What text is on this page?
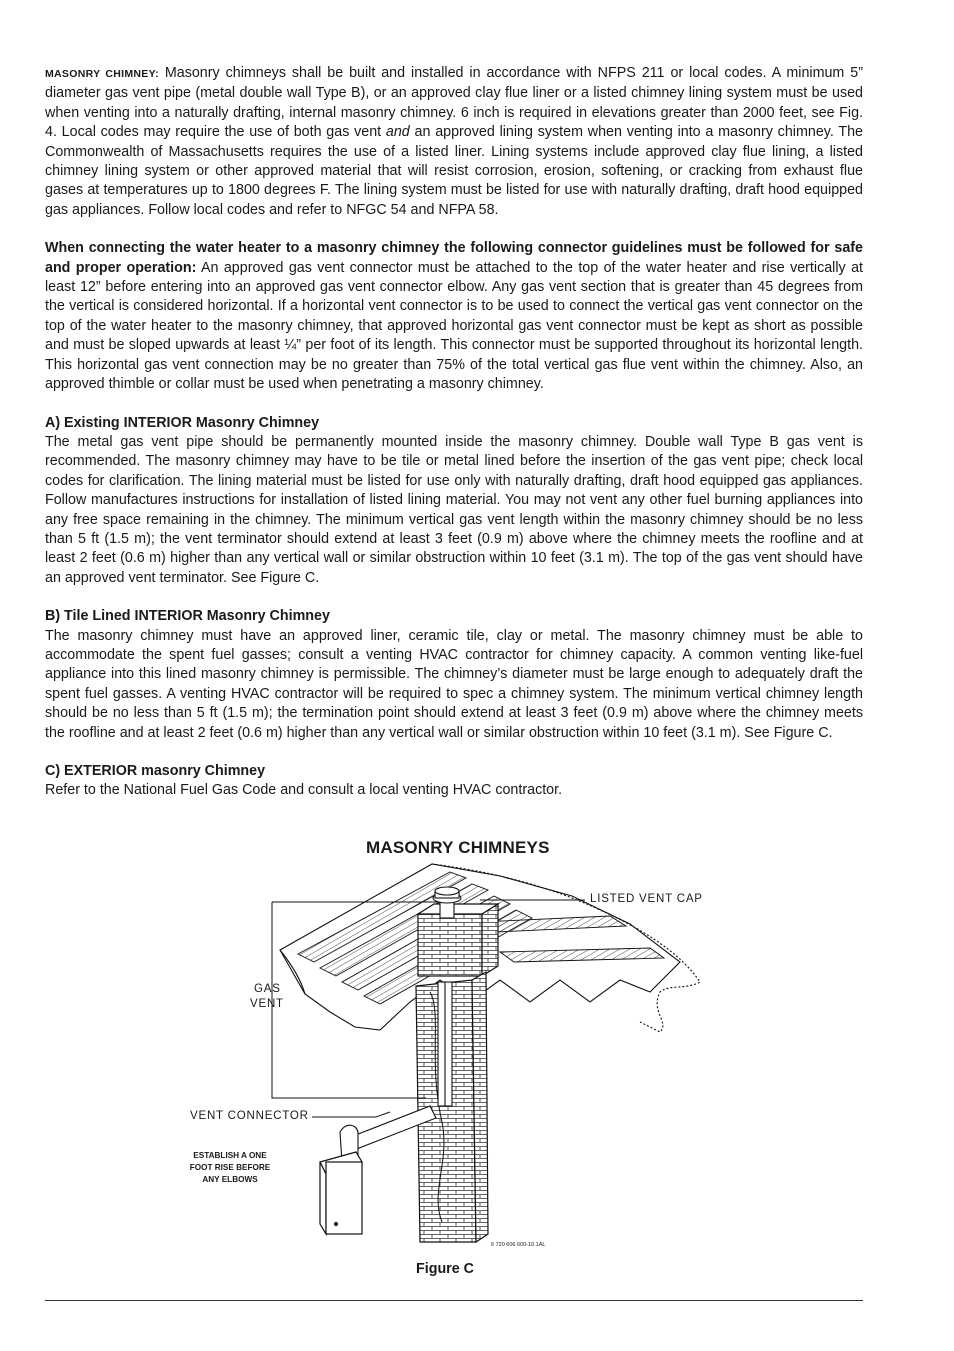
MASONRY CHIMNEY: Masonry chimneys shall be built and installed in accordance with NFPS 211 or local codes. A minimum 5” diameter gas vent pipe (metal double wall Type B), or an approved clay flue liner or a listed chimney lining system must be used when venting into a naturally drafting, internal masonry chimney. 6 inch is required in elevations greater than 2000 feet, see Fig. 4. Local codes may require the use of both gas vent and an approved lining system when venting into a masonry chimney. The Commonwealth of Massachusetts requires the use of a listed liner. Lining systems include approved clay flue lining, a listed chimney lining system or other approved material that will resist corrosion, erosion, softening, or cracking from exhaust flue gases at temperatures up to 1800 degrees F. The lining system must be listed for use with naturally drafting, draft hood equipped gas appliances. Follow local codes and refer to NFGC 54 and NFPA 58.

When connecting the water heater to a masonry chimney the following connector guidelines must be followed for safe and proper operation: An approved gas vent connector must be attached to the top of the water heater and rise vertically at least 12” before entering into an approved gas vent connector elbow. Any gas vent section that is greater than 45 degrees from the vertical is considered horizontal. If a horizontal vent connector is to be used to connect the vertical gas vent connector on the top of the water heater to the masonry chimney, that approved horizontal gas vent connector must be kept as short as possible and must be sloped upwards at least ¼” per foot of its length. This connector must be supported throughout its horizontal length. This horizontal gas vent connection may be no greater than 75% of the total vertical gas flue vent within the chimney. Also, an approved thimble or collar must be used when penetrating a masonry chimney.

A) Existing INTERIOR Masonry Chimney

The metal gas vent pipe should be permanently mounted inside the masonry chimney. Double wall Type B gas vent is recommended. The masonry chimney may have to be tile or metal lined before the insertion of the gas vent pipe; check local codes for clarification. The lining material must be listed for use only with naturally drafting, draft hood equipped gas appliances. Follow manufactures instructions for installation of listed lining material. You may not vent any other fuel burning appliances into any free space remaining in the chimney. The minimum vertical gas vent length within the masonry chimney should be no less than 5 ft (1.5 m); the vent terminator should extend at least 3 feet (0.9 m) above where the chimney meets the roofline and at least 2 feet (0.6 m) higher than any vertical wall or similar obstruction within 10 feet (3.1 m). The top of the gas vent should have an approved vent terminator. See Figure C.

B) Tile Lined INTERIOR Masonry Chimney

The masonry chimney must have an approved liner, ceramic tile, clay or metal. The masonry chimney must be able to accommodate the spent fuel gasses; consult a venting HVAC contractor for chimney capacity. A common venting like-fuel appliance into this lined masonry chimney is permissible. The chimney’s diameter must be large enough to adequately draft the spent fuel gasses. A venting HVAC contractor will be required to spec a chimney system. The minimum vertical chimney length should be no less than 5 ft (1.5 m); the termination point should extend at least 3 feet (0.9 m) above where the chimney meets the roofline and at least 2 feet (0.6 m) higher than any vertical wall or similar obstruction within 10 feet (3.1 m). See Figure C.

C) EXTERIOR masonry Chimney

Refer to the National Fuel Gas Code and consult a local venting HVAC contractor.

MASONRY CHIMNEYS
LISTED VENT CAP
GAS
VENT
VENT CONNECTOR
ESTABLISH A ONE
FOOT RISE BEFORE
ANY ELBOWS
6 720 606 600-10.1AL
Figure C
